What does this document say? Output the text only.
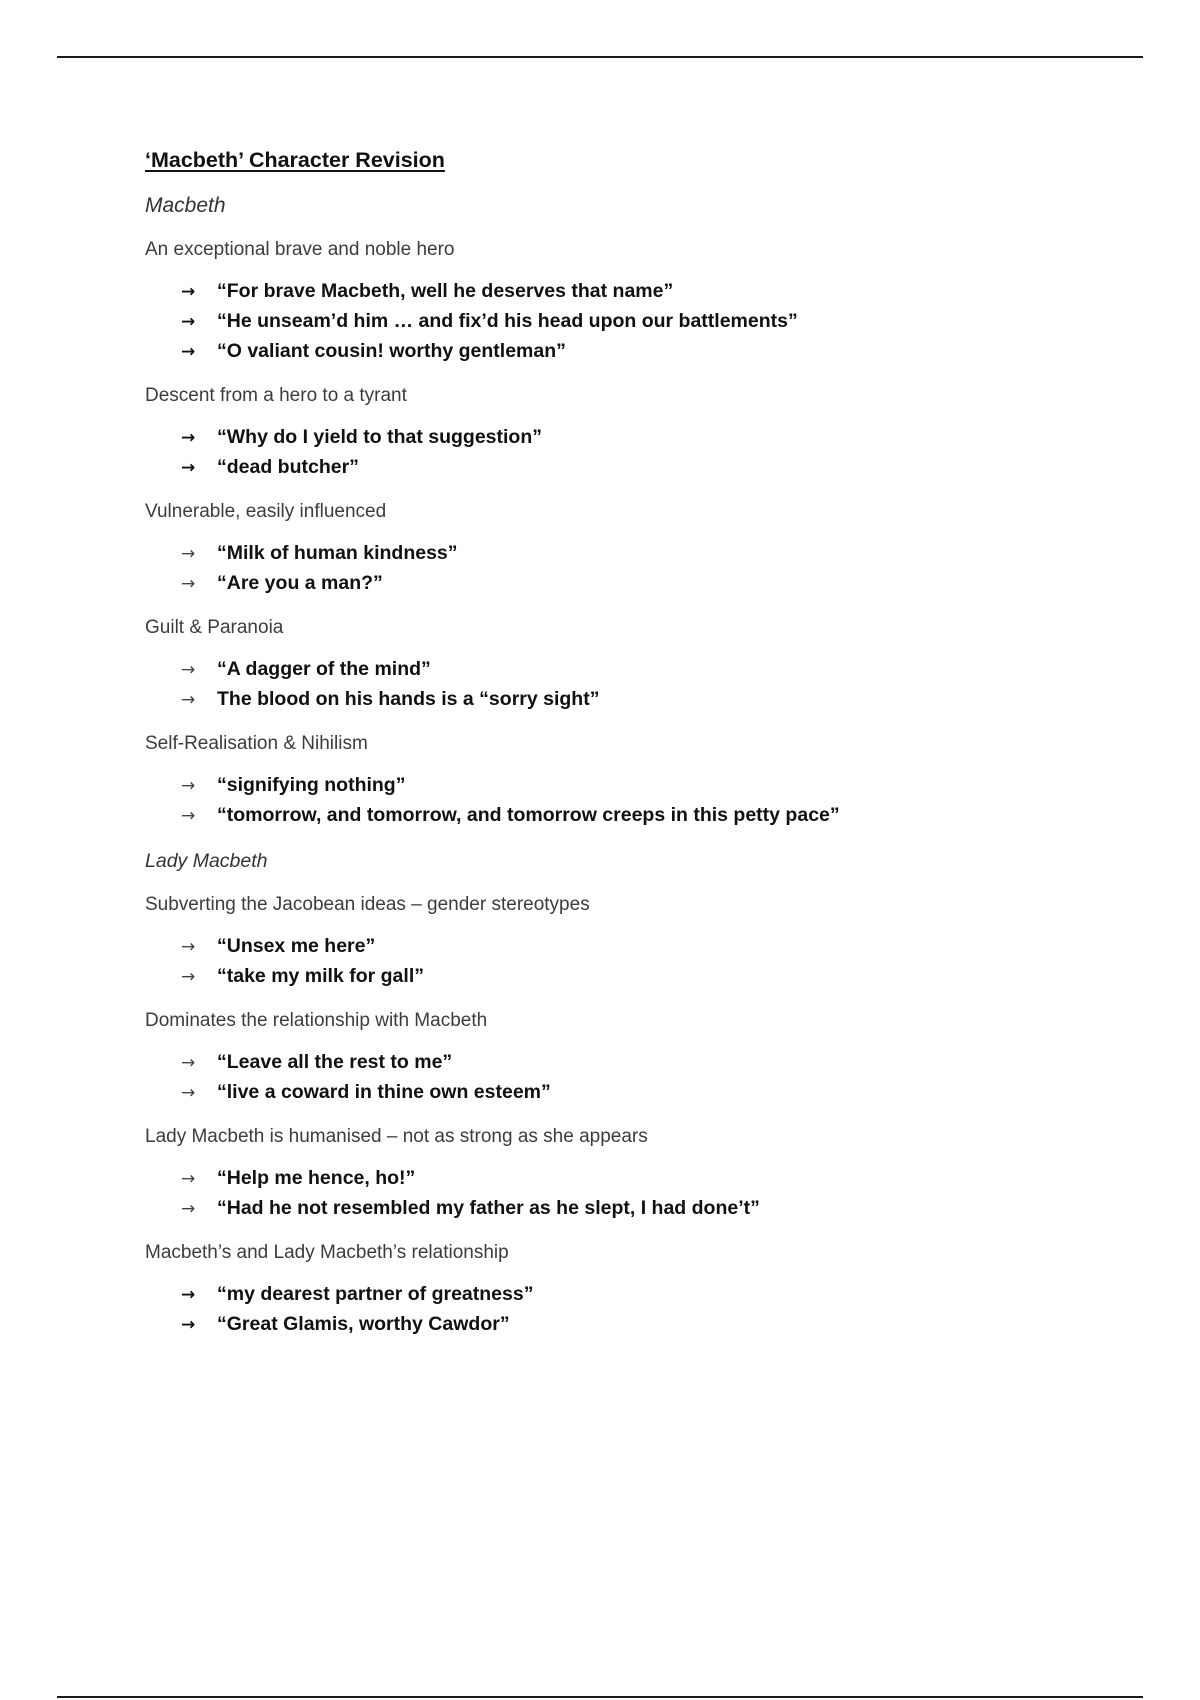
‘Macbeth’ Character Revision
Macbeth
An exceptional brave and noble hero
→	“For brave Macbeth, well he deserves that name”
→	“He unseam’d him … and fix’d his head upon our battlements”
→	“O valiant cousin! worthy gentleman”
Descent from a hero to a tyrant
→	“Why do I yield to that suggestion”
→	“dead butcher”
Vulnerable, easily influenced
→	“Milk of human kindness”
→	“Are you a man?”
Guilt & Paranoia
→	“A dagger of the mind”
→	The blood on his hands is a “sorry sight”
Self-Realisation & Nihilism
→	“signifying nothing”
→	“tomorrow, and tomorrow, and tomorrow creeps in this petty pace”
Lady Macbeth
Subverting the Jacobean ideas – gender stereotypes
→	“Unsex me here”
→	“take my milk for gall”
Dominates the relationship with Macbeth
→	“Leave all the rest to me”
→	“live a coward in thine own esteem”
Lady Macbeth is humanised – not as strong as she appears
→	“Help me hence, ho!”
→	“Had he not resembled my father as he slept, I had done’t”
Macbeth’s and Lady Macbeth’s relationship
→	“my dearest partner of greatness”
→	“Great Glamis, worthy Cawdor”
